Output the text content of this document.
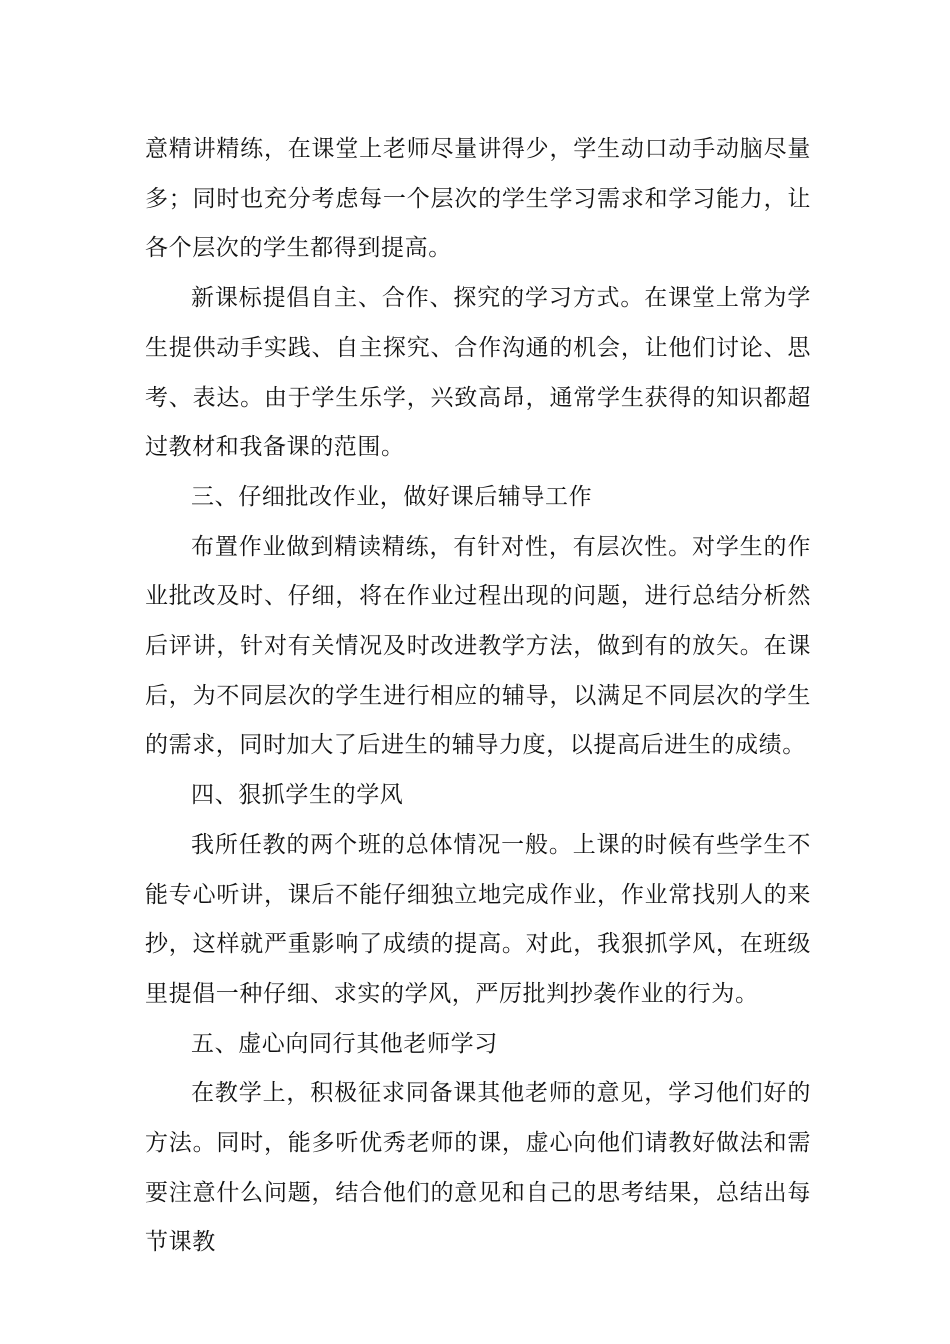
意精讲精练，在课堂上老师尽量讲得少，学生动口动手动脑尽量多；同时也充分考虑每一个层次的学生学习需求和学习能力，让各个层次的学生都得到提高。

新课标提倡自主、合作、探究的学习方式。在课堂上常为学生提供动手实践、自主探究、合作沟通的机会，让他们讨论、思考、表达。由于学生乐学，兴致高昂，通常学生获得的知识都超过教材和我备课的范围。

三、仔细批改作业，做好课后辅导工作

布置作业做到精读精练，有针对性，有层次性。对学生的作业批改及时、仔细，将在作业过程出现的问题，进行总结分析然后评讲，针对有关情况及时改进教学方法，做到有的放矢。在课后，为不同层次的学生进行相应的辅导，以满足不同层次的学生的需求，同时加大了后进生的辅导力度，以提高后进生的成绩。

四、狠抓学生的学风

我所任教的两个班的总体情况一般。上课的时候有些学生不能专心听讲，课后不能仔细独立地完成作业，作业常找别人的来抄，这样就严重影响了成绩的提高。对此，我狠抓学风，在班级里提倡一种仔细、求实的学风，严厉批判抄袭作业的行为。

五、虚心向同行其他老师学习

在教学上，积极征求同备课其他老师的意见，学习他们好的方法。同时，能多听优秀老师的课，虚心向他们请教好做法和需要注意什么问题，结合他们的意见和自己的思考结果，总结出每节课教
